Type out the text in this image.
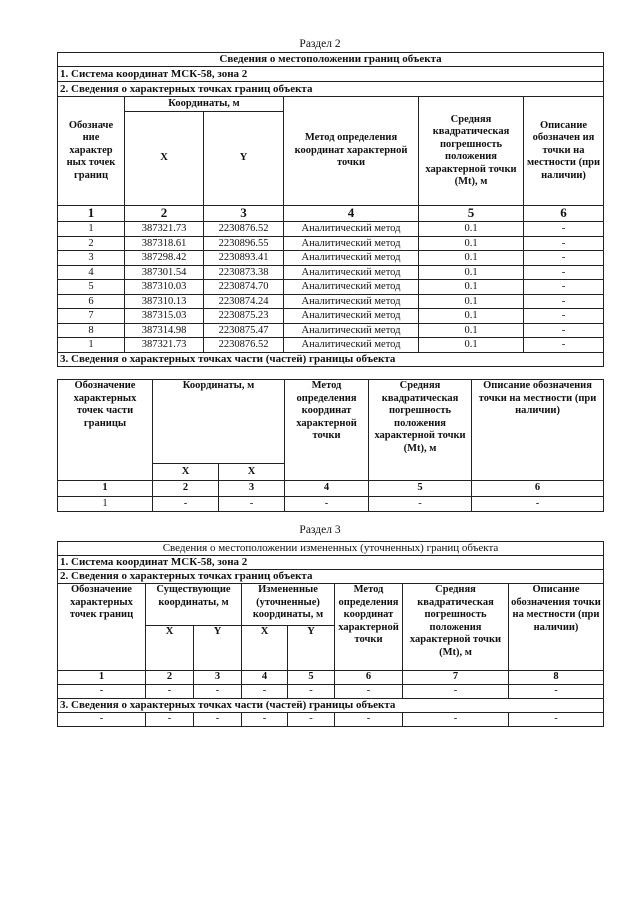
Раздел 2
Сведения о местоположении границ объекта					
1. Система координат МСК-58, зона 2					
2. Сведения о характерных точках границ объекта					
Обозначе ние характер ных точек границ	Координаты, м		Метод определения координат характерной точки	Средняя квадратическая погрешность положения характерной точки (Mt), м	Описание обозначен ия точки на местности (при наличии)
	X	Y			
1	2	3	4	5	6
1	387321.73	2230876.52	Аналитический метод	0.1	-
2	387318.61	2230896.55	Аналитический метод	0.1	-
3	387298.42	2230893.41	Аналитический метод	0.1	-
4	387301.54	2230873.38	Аналитический метод	0.1	-
5	387310.03	2230874.70	Аналитический метод	0.1	-
6	387310.13	2230874.24	Аналитический метод	0.1	-
7	387315.03	2230875.23	Аналитический метод	0.1	-
8	387314.98	2230875.47	Аналитический метод	0.1	-
1	387321.73	2230876.52	Аналитический метод	0.1	-
3. Сведения о характерных точках части (частей) границы объекта					
Обозначение характерных точек части границы	Координаты, м		Метод определения координат характерной точки	Средняя квадратическая погрешность положения характерной точки (Mt), м	Описание обозначения точки на местности (при наличии)
	X	X			
1	2	3	4	5	6
1	-	-	-	-	-
Раздел 3
Сведения о местоположении измененных (уточненных) границ объекта							
1. Система координат МСК-58, зона 2							
2. Сведения о характерных точках границ объекта							
Обозначение характерных точек границ	Существующие координаты, м		Измененные (уточненные) координаты, м		Метод определения координат характерной точки	Средняя квадратическая погрешность положения характерной точки (Mt), м	Описание обозначения точки на местности (при наличии)
	X	Y	X	Y			
1	2	3	4	5	6	7	8
-	-	-	-	-	-	-	-
3. Сведения о характерных точках части (частей) границы объекта							
-	-	-	-	-	-	-	-
